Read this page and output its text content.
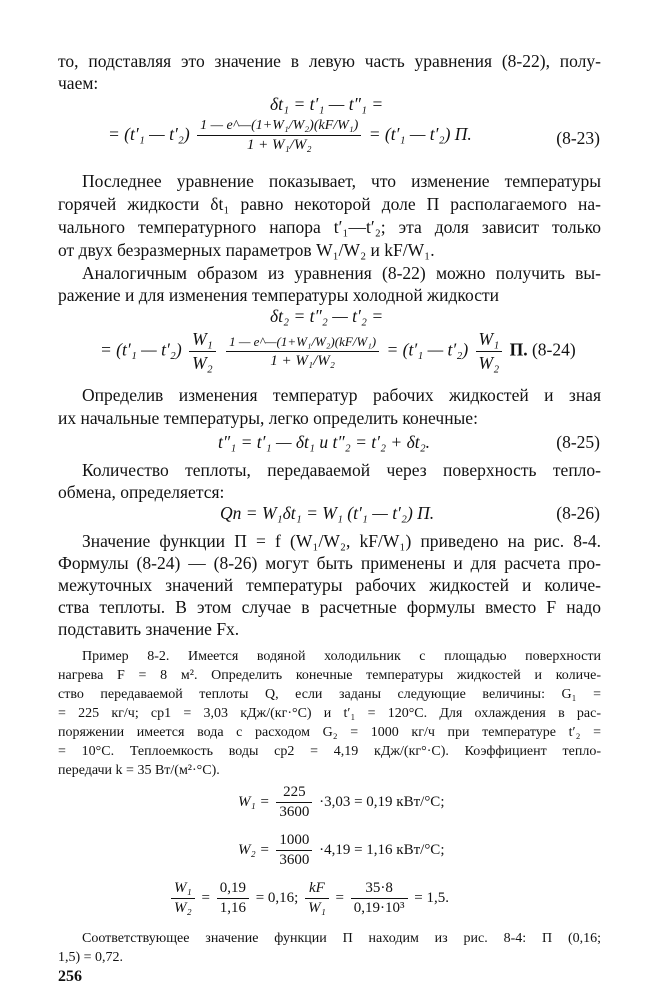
то, подставляя это значение в левую часть уравнения (8-22), полу-
чаем:
δt₁ = t′₁ — t″₁ =
= (t′₁ — $t'_2) \frac{\text{1 — e\textasciicircum{}—(1+W₁/W₂)(kF/W₁)}}{\text{1 + W₁/W₂}} = (t'_1$ — t′₂) П.	(8-23)
Последнее уравнение показывает, что изменение температуры
горячей жидкости δt₁ равно некоторой доле П располагаемого на-
чального температурного напора t′₁—t′₂; эта доля зависит только
от двух безразмерных параметров W₁/W₂ и kF/W₁.
Аналогичным образом из уравнения (8-22) можно получить вы-
ражение и для изменения температуры холодной жидкости
δt₂ = t″₂ — t′₂ =
= (t′₁ — $t'_2) \frac{\text{W₁}}{\text{W₂}}$
$\frac{\text{1 — e\textasciicircum{}—(1+W₁/W₂)(kF/W₁)}}{\text{1 + W₁/W₂}} = (t'_1$ — $t'_2) \frac{\text{W₁}}{\text{W₂}} П$. (8-24)
Определив изменения температур рабочих жидкостей и зная
их начальные температуры, легко определить конечные:
t″₁ = t′₁ — δt₁ и t″₂ = t′₂ + δt₂.	(8-25)
Количество теплоты, передаваемой через поверхность тепло-
обмена, определяется:
Qп = W₁δt₁ = W₁ (t′₁ — t′₂) П.	(8-26)
Значение функции П = f (W₁/W₂, kF/W₁) приведено на рис. 8-4.
Формулы (8-24) — (8-26) могут быть применены и для расчета про-
межуточных значений температуры рабочих жидкостей и количе-
ства теплоты. В этом случае в расчетные формулы вместо F надо
подставить значение Fx.
Пример 8-2. Имеется водяной холодильник с площадью поверхности
нагрева F = 8 м². Определить конечные температуры жидкостей и количе-
ство передаваемой теплоты Q, если заданы следующие величины: G₁ =
= 225 кг/ч; cp1 = 3,03 кДж/(кг·°С) и t′₁ = 120°С. Для охлаждения в рас-
поряжении имеется вода с расходом G₂ = 1000 кг/ч при температуре t′₂ =
= 10°С. Теплоемкость воды cp2 = 4,19 кДж/(кг°·С). Коэффициент тепло-
передачи k = 35 Вт/(м²·°С).
$W_1 = \frac{225}{3600} \cdot 3,03 = 0,19$ кВт/°С;
$W_2 = \frac{1000}{3600} \cdot 4,19 = 1,16$ кВт/°С;
$\frac{\text{W₁}}{\text{W₂}} = \frac{0,19}{1,16} = 0,16$; $\frac{kF}{\text{W₁}} = \frac{35\cdot 8}{\text{0,19·10³}} = 1,5$.
Соответствующее значение функции П находим из рис. 8-4: П (0,16;
1,5) = 0,72.
256
